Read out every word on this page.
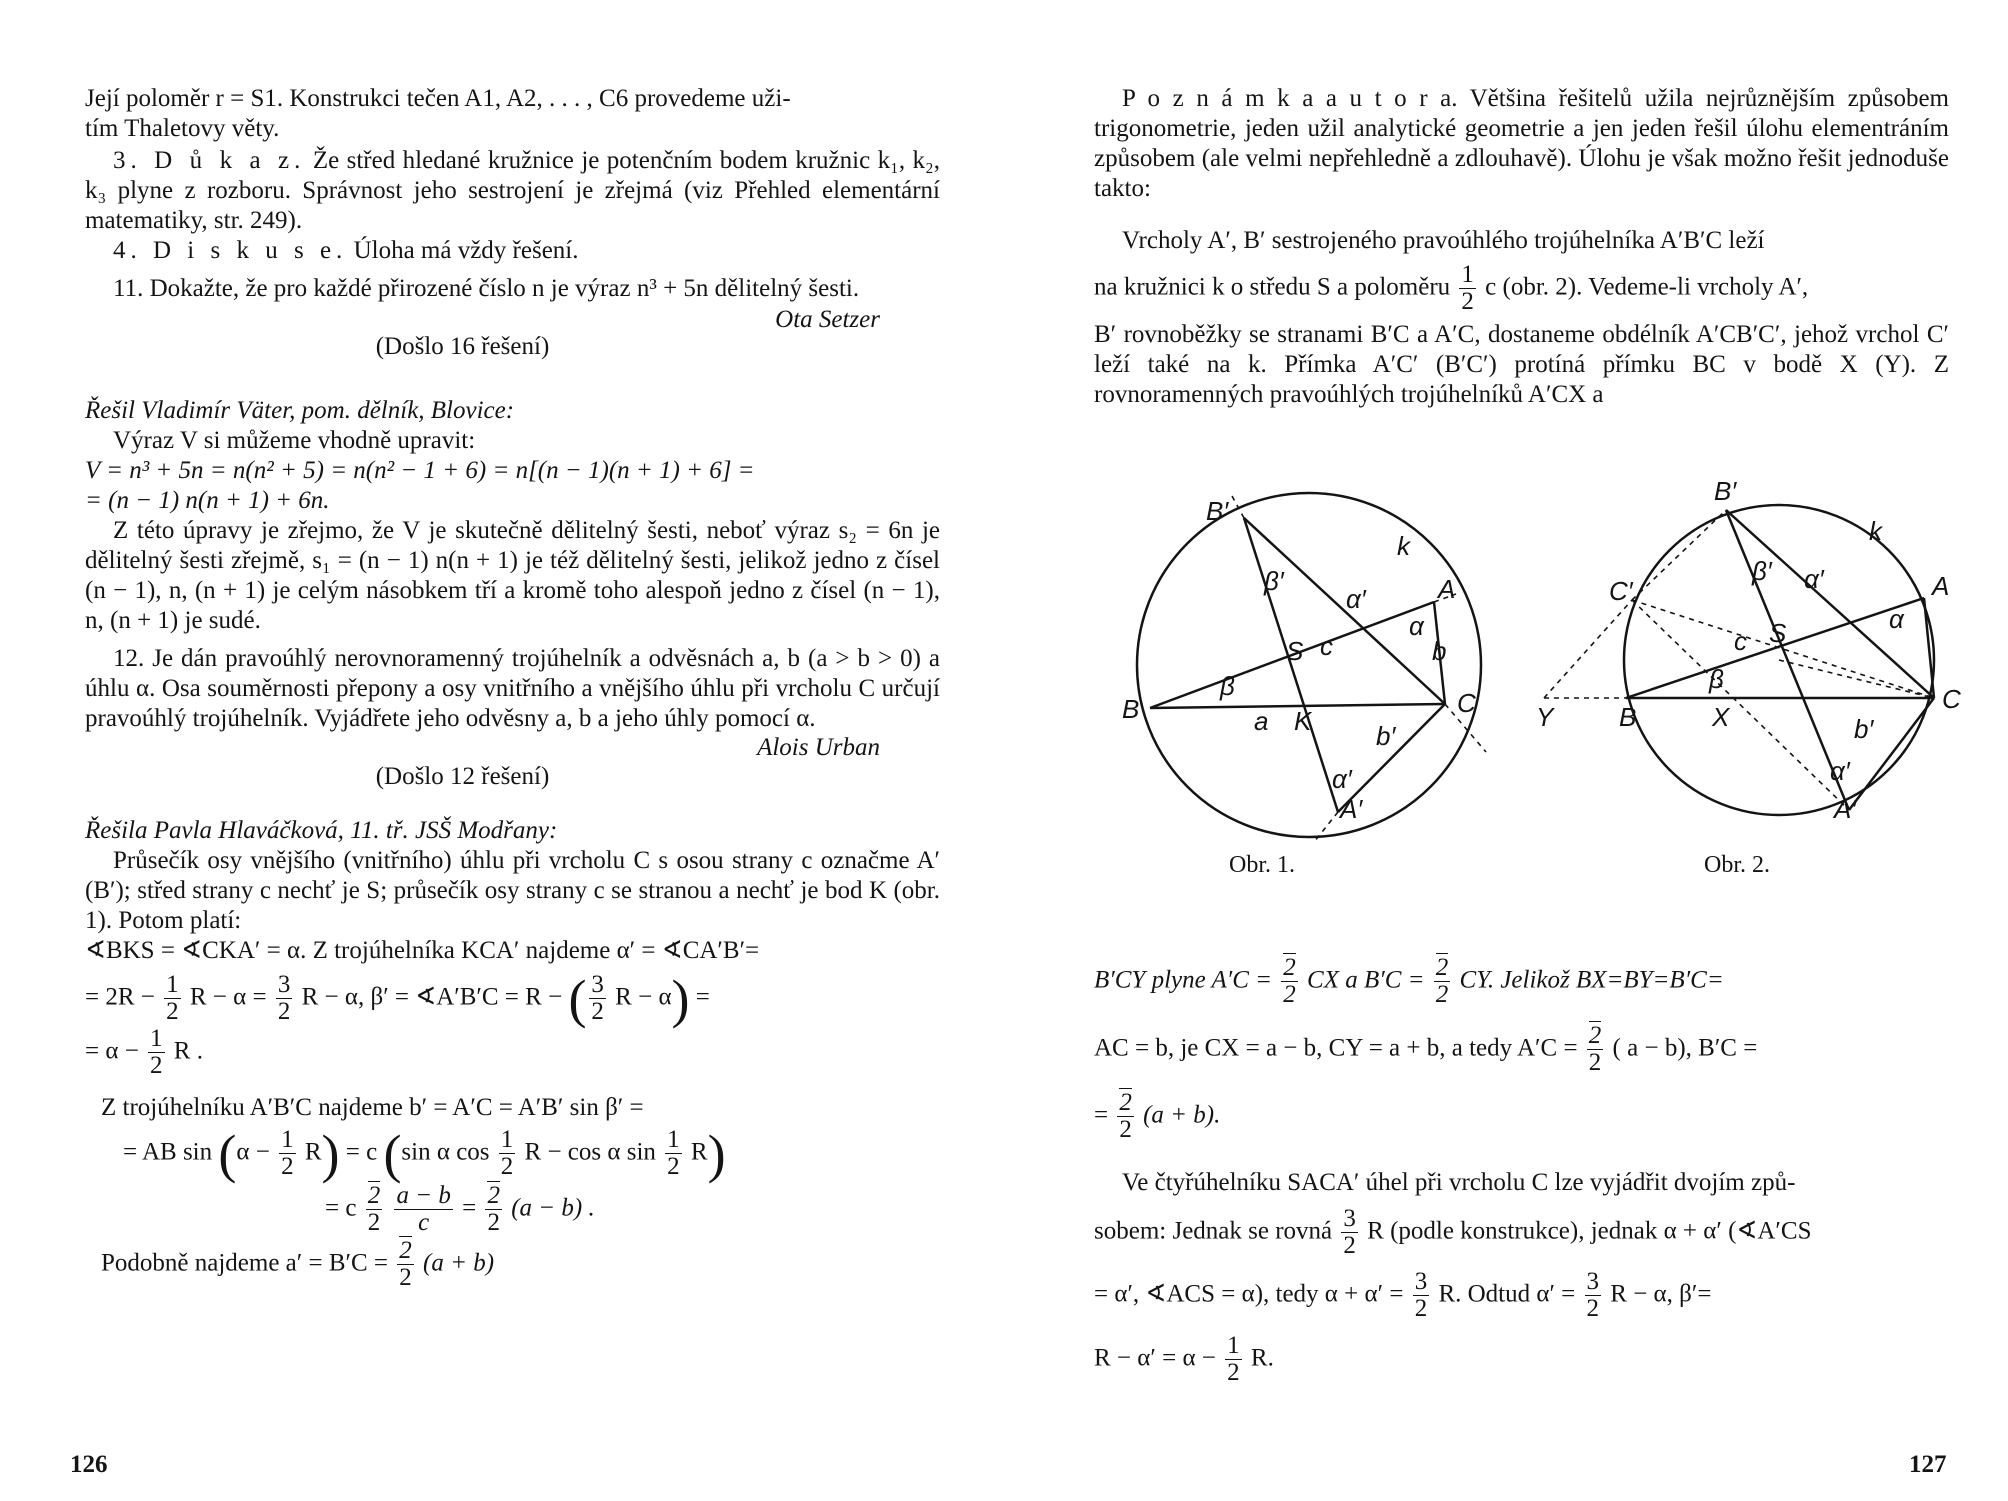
Její poloměr r = S1. Konstrukci tečen A1, A2, . . . , C6 provedeme uži-

tím Thaletovy věty.

3. D ů k a z. Že střed hledané kružnice je potenčním bodem kružnic k₁, k₂, k₃ plyne z rozboru. Správnost jeho sestrojení je zřejmá (viz Přehled elementární matematiky, str. 249).

4. D i s k u s e. Úloha má vždy řešení.

11. Dokažte, že pro každé přirozené číslo n je výraz n³ + 5n dělitelný šesti.

Ota Setzer

(Došlo 16 řešení)

Řešil Vladimír Väter, pom. dělník, Blovice:

Výraz V si můžeme vhodně upravit:

V = n³ + 5n = n(n² + 5) = n(n² − 1 + 6) = n[(n − 1)(n + 1) + 6] =

= (n − 1) n(n + 1) + 6n.

Z této úpravy je zřejmo, že V je skutečně dělitelný šesti, neboť výraz s₂ = 6n je dělitelný šesti zřejmě, s₁ = (n − 1) n(n + 1) je též dělitelný šesti, jelikož jedno z čísel (n − 1), n, (n + 1) je celým násobkem tří a kromě toho alespoň jedno z čísel (n − 1), n, (n + 1) je sudé.

12. Je dán pravoúhlý nerovnoramenný trojúhelník a odvěsnách a, b (a > b > 0) a úhlu α. Osa souměrnosti přepony a osy vnitřního a vnějšího úhlu při vrcholu C určují pravoúhlý trojúhelník. Vyjádřete jeho odvěsny a, b a jeho úhly pomocí α.

Alois Urban

(Došlo 12 řešení)

Řešila Pavla Hlaváčková, 11. tř. JSŠ Modřany:

Průsečík osy vnějšího (vnitřního) úhlu při vrcholu C s osou strany c označme A′ (B′); střed strany c nechť je S; průsečík osy strany c se stranou a nechť je bod K (obr. 1). Potom platí:

∢BKS = ∢CKA′ = α. Z trojúhelníka KCA′ najdeme α′ = ∢CA′B′=

= $2R - \frac{1}{2}$ $R - \alpha = \frac{3}{2}$ R − α, β′ = ∢A′B′C = R − ( $\frac{3}{2}$ R − α) =

= $\alpha - \frac{1}{2}$ R .

Z trojúhelníku A′B′C najdeme b′ = A′C = A′B′ sin β′ =

= AB $\sin (\alpha - \frac{1}{2} R) = c$ (sin α $\cos \frac{1}{2}$ R − cos α $\sin \frac{1}{2} R$)

= c $\frac{2}{2}$
$\frac{a - b}{c} = \frac{2}{2} (a - b)$ .

Podobně najdeme $a' = B'C = \frac{2}{2} (a + b)$

126

P o z n á m k a a u t o r a. Většina řešitelů užila nejrůznějším způsobem trigonometrie, jeden užil analytické geometrie a jen jeden řešil úlohu elementráním způsobem (ale velmi nepřehledně a zdlouhavě). Úlohu je však možno řešit jednoduše takto:

Vrcholy A′, B′ sestrojeného pravoúhlého trojúhelníka A′B′C leží

na kružnici k o středu S a poloměru $\frac{1}{2}$ c (obr. 2). Vedeme-li vrcholy A′,

B′ rovnoběžky se stranami B′C a A′C, dostaneme obdélník A′CB′C′, jehož vrchol C′ leží také na k. Přímka A′C′ (B′C′) protíná přímku BC v bodě X (Y). Z rovnoramenných pravoúhlých trojúhelníků A′CX a

B′
k
β′
α′	A
S c
α
b
B
β
C
a K b′
α′
A′
Obr. 1.
B′
k
C′
β′ α′	A
c S	α
β
Y	B	X
C
b′
α′
A′
Obr. 2.

B′CY plyne $A'C = \frac{2}{2}$ CX a $B'C = \frac{2}{2}$ CY. Jelikož BX=BY=B′C=

AC = b, je CX = a − b, CY = a + b, a tedy $A'C = \frac{2}{2}$ ( a − b), B′C =

= $\frac{2}{2} (a + b)$.

Ve čtyřúhelníku SACA′ úhel při vrcholu C lze vyjádřit dvojím způ-

sobem: Jednak se rovná $\frac{3}{2}$ R (podle konstrukce), jednak α + α′ (∢A′CS

= α′, ∢ACS = α), tedy $\alpha + \alpha' = \frac{3}{2} R$. Odtud $\alpha' = \frac{3}{2}$ R − α, β′=

$R - \alpha' = \alpha - \frac{1}{2} R$.

127
